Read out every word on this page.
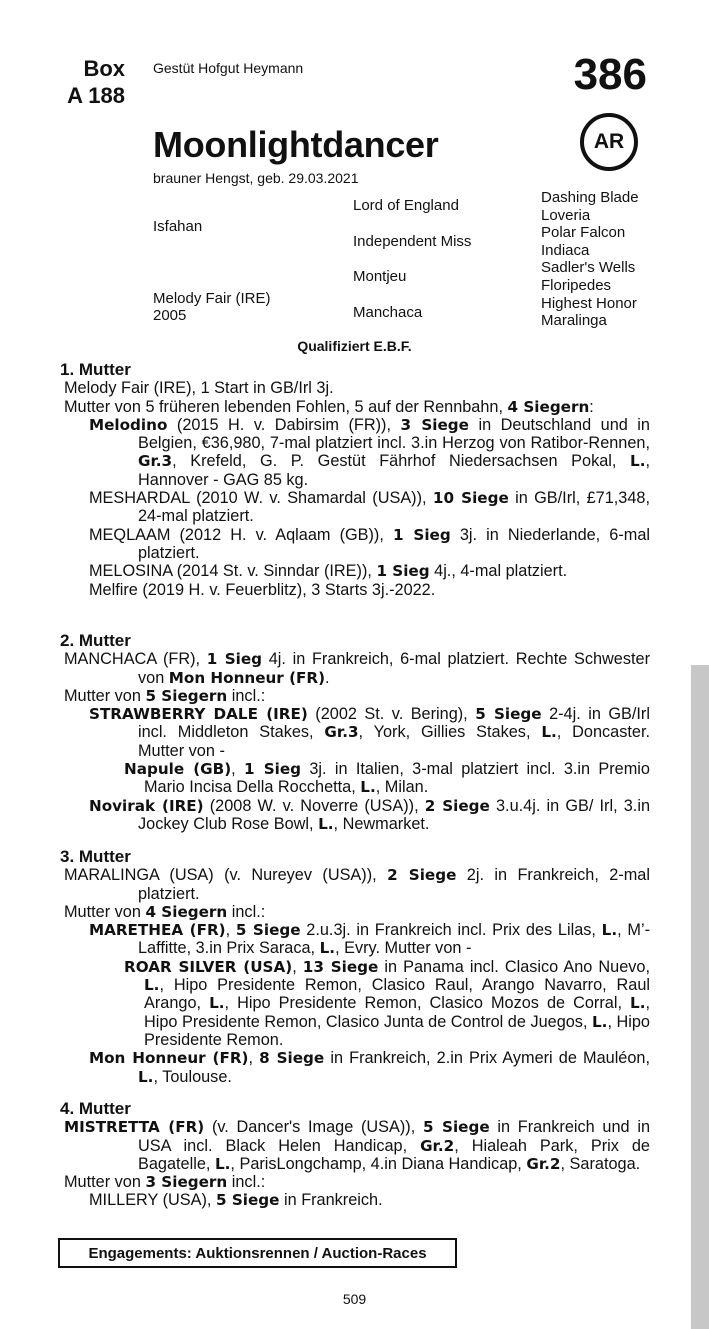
Box
A 188
Gestüt Hofgut Heymann	386
Moonlightdancer	AR
brauner Hengst, geb. 29.03.2021
Isfahan
Melody Fair (IRE)
2005
Lord of England
Independent Miss
Montjeu
Manchaca
Dashing Blade
Loveria
Polar Falcon
Indiaca
Sadler's Wells
Floripedes
Highest Honor
Maralinga
Qualifiziert E.B.F.
1. Mutter
Melody Fair (IRE), 1 Start in GB/Irl 3j.
Mutter von 5 früheren lebenden Fohlen, 5 auf der Rennbahn, 4 Siegern:
Melodino (2015 H. v. Dabirsim (FR)), 3 Siege in Deutschland und in Belgien, €36,980, 7-mal platziert incl. 3.in Herzog von Ratibor-Rennen, Gr.3, Krefeld, G. P. Gestüt Fährhof Niedersachsen Pokal, L., Hannover - GAG 85 kg.
MESHARDAL (2010 W. v. Shamardal (USA)), 10 Siege in GB/Irl, £71,348, 24-mal platziert.
MEQLAAM (2012 H. v. Aqlaam (GB)), 1 Sieg 3j. in Niederlande, 6-mal platziert.
MELOSINA (2014 St. v. Sinndar (IRE)), 1 Sieg 4j., 4-mal platziert.
Melfire (2019 H. v. Feuerblitz), 3 Starts 3j.-2022.
2. Mutter
MANCHACA (FR), 1 Sieg 4j. in Frankreich, 6-mal platziert. Rechte Schwester von Mon Honneur (FR).
Mutter von 5 Siegern incl.:
STRAWBERRY DALE (IRE) (2002 St. v. Bering), 5 Siege 2-4j. in GB/Irl incl. Middleton Stakes, Gr.3, York, Gillies Stakes, L., Doncaster. Mutter von -
Napule (GB), 1 Sieg 3j. in Italien, 3-mal platziert incl. 3.in Premio Mario Incisa Della Rocchetta, L., Milan.
Novirak (IRE) (2008 W. v. Noverre (USA)), 2 Siege 3.u.4j. in GB/ Irl, 3.in Jockey Club Rose Bowl, L., Newmarket.
3. Mutter
MARALINGA (USA) (v. Nureyev (USA)), 2 Siege 2j. in Frankreich, 2-mal platziert.
Mutter von 4 Siegern incl.:
MARETHEA (FR), 5 Siege 2.u.3j. in Frankreich incl. Prix des Lilas, L., M’-Laffitte, 3.in Prix Saraca, L., Evry. Mutter von -
ROAR SILVER (USA), 13 Siege in Panama incl. Clasico Ano Nuevo, L., Hipo Presidente Remon, Clasico Raul, Arango Navarro, Raul Arango, L., Hipo Presidente Remon, Clasico Mozos de Corral, L., Hipo Presidente Remon, Clasico Junta de Control de Juegos, L., Hipo Presidente Remon.
Mon Honneur (FR), 8 Siege in Frankreich, 2.in Prix Aymeri de Mauléon, L., Toulouse.
4. Mutter
MISTRETTA (FR) (v. Dancer's Image (USA)), 5 Siege in Frankreich und in USA incl. Black Helen Handicap, Gr.2, Hialeah Park, Prix de Bagatelle, L., ParisLongchamp, 4.in Diana Handicap, Gr.2, Saratoga.
Mutter von 3 Siegern incl.:
MILLERY (USA), 5 Siege in Frankreich.
Engagements: Auktionsrennen / Auction-Races
509
